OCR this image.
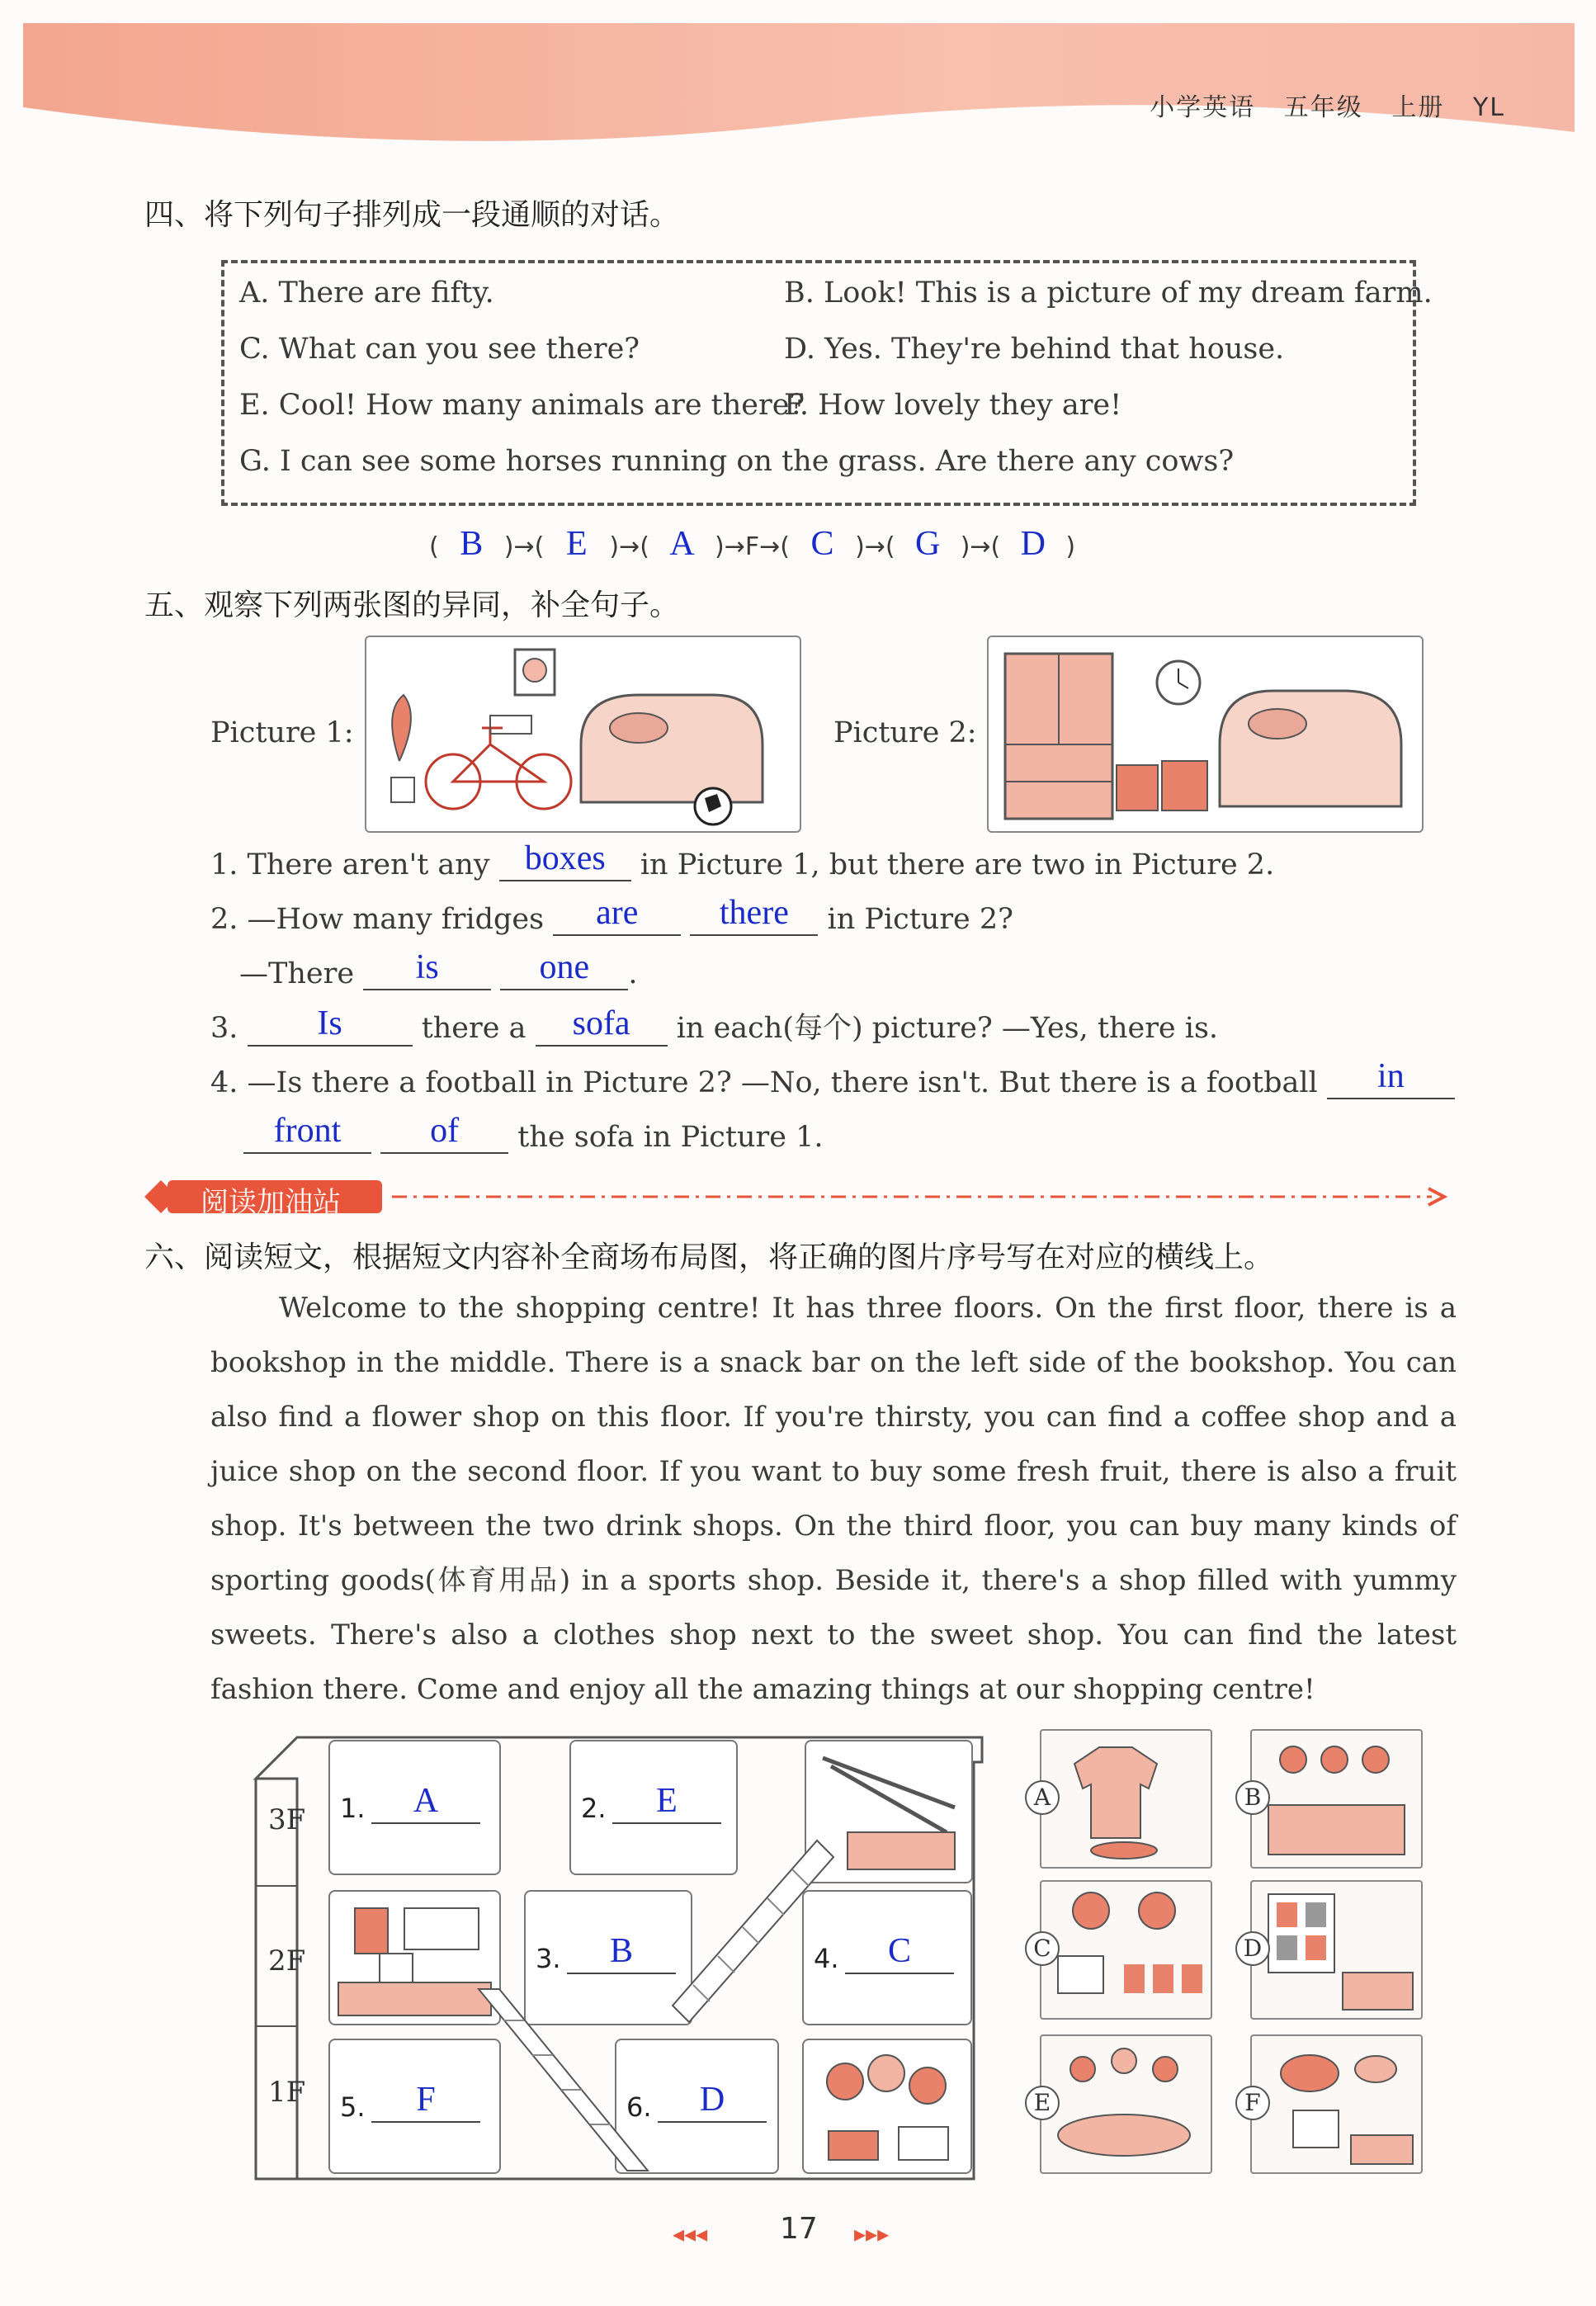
小学英语 五年级 上册 YL
四、将下列句子排列成一段通顺的对话。
A. There are fifty.	B. Look! This is a picture of my dream farm.
C. What can you see there?	D. Yes. They're behind that house.
E. Cool! How many animals are there?
F. How lovely they are!
G. I can see some horses running on the grass. Are there any cows?
( B )→( E )→( A )→F→( C )→( G )→( D )
五、观察下列两张图的异同，补全句子。
Picture 1:	Picture 2:
1. There aren't any	boxes	in Picture 1, but there are two in Picture 2.
2. —How many fridges	are
	there	in Picture 2?
—There	is
	one	.
3.	Is	there a	sofa	in each(每个) picture? —Yes, there is.
4. —Is there a football in Picture 2? —No, there isn't. But there is a football	in
front
	of	the sofa in Picture 1.
阅读加油站
六、阅读短文，根据短文内容补全商场布局图，将正确的图片序号写在对应的横线上。
Welcome to the shopping centre! It has three floors. On the first floor, there is a bookshop in the middle. There is a snack bar on the left side of the bookshop. You can also find a flower shop on this floor. If you're thirsty, you can find a coffee shop and a juice shop on the second floor. If you want to buy some fresh fruit, there is also a fruit shop. It's between the two drink shops. On the third floor, you can buy many kinds of sporting goods(体育用品) in a sports shop. Beside it, there's a shop filled with yummy sweets. There's also a clothes shop next to the sweet shop. You can find the latest fashion there. Come and enjoy all the amazing things at our shopping centre!
3F
2F
1F
1.	A	2.	E
3.	B	4.	C
5.	F	6.	D
A	B
C	D
E	F
◂◂◂ 17 ▸▸▸
